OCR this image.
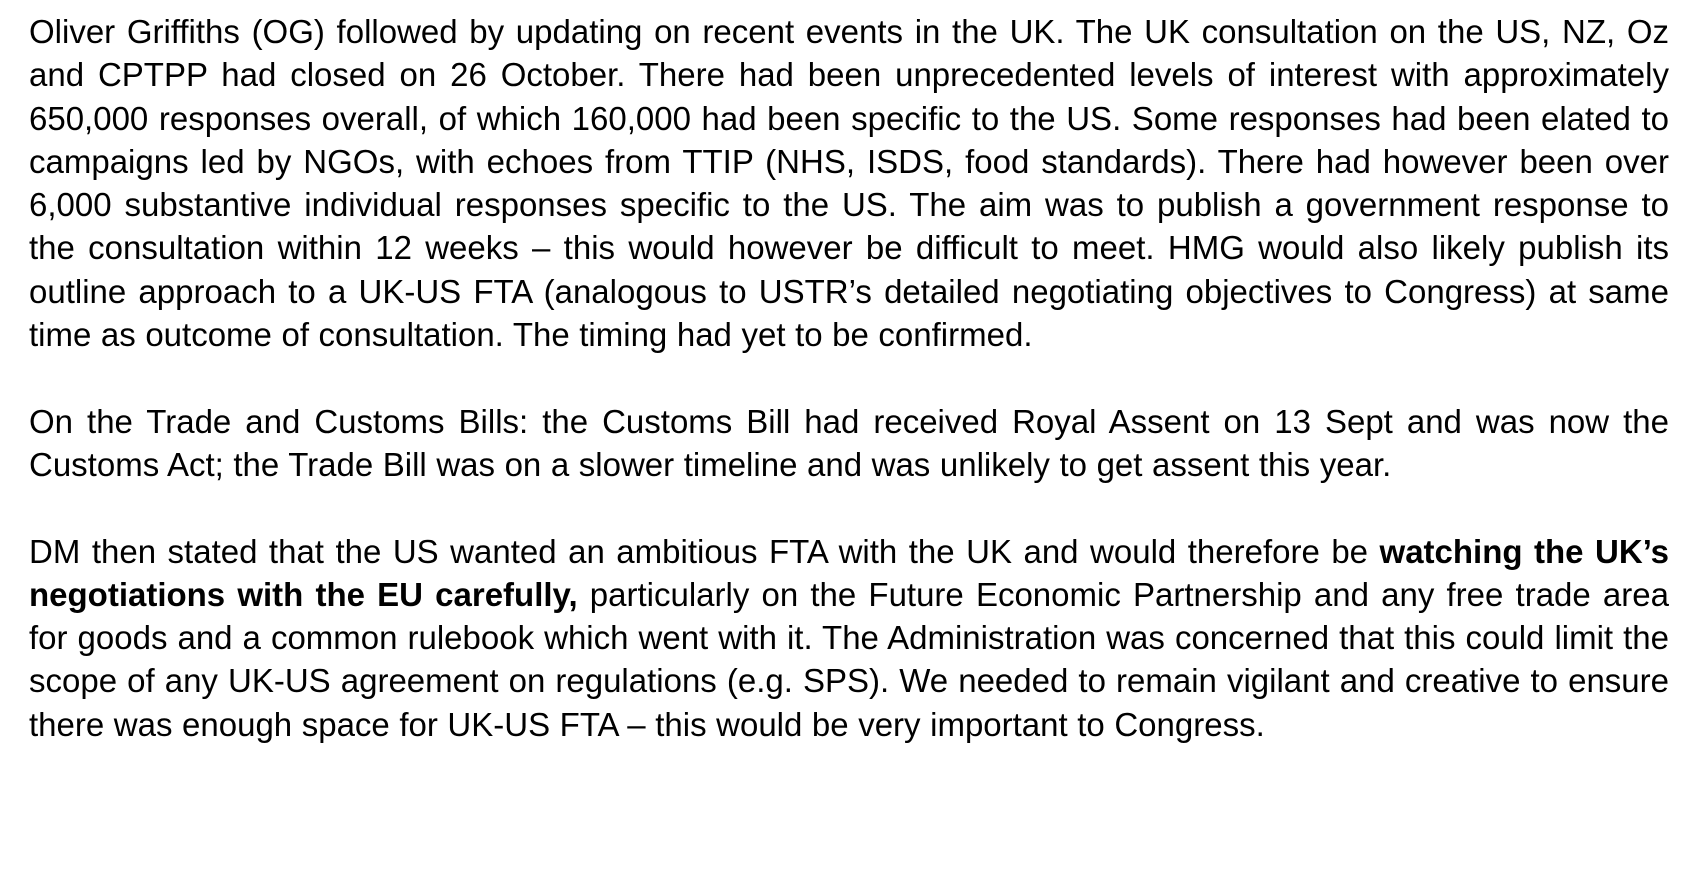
Oliver Griffiths (OG) followed by updating on recent events in the UK. The UK consultation on the US, NZ, Oz and CPTPP had closed on 26 October. There had been unprecedented levels of interest with approximately 650,000 responses overall, of which 160,000 had been specific to the US. Some responses had been elated to campaigns led by NGOs, with echoes from TTIP (NHS, ISDS, food standards). There had however been over 6,000 substantive individual responses specific to the US. The aim was to publish a government response to the consultation within 12 weeks – this would however be difficult to meet. HMG would also likely publish its outline approach to a UK-US FTA (analogous to USTR’s detailed negotiating objectives to Congress) at same time as outcome of consultation. The timing had yet to be confirmed.

On the Trade and Customs Bills: the Customs Bill had received Royal Assent on 13 Sept and was now the Customs Act; the Trade Bill was on a slower timeline and was unlikely to get assent this year.

DM then stated that the US wanted an ambitious FTA with the UK and would therefore be watching the UK’s negotiations with the EU carefully, particularly on the Future Economic Partnership and any free trade area for goods and a common rulebook which went with it. The Administration was concerned that this could limit the scope of any UK-US agreement on regulations (e.g. SPS). We needed to remain vigilant and creative to ensure there was enough space for UK-US FTA – this would be very important to Congress.
